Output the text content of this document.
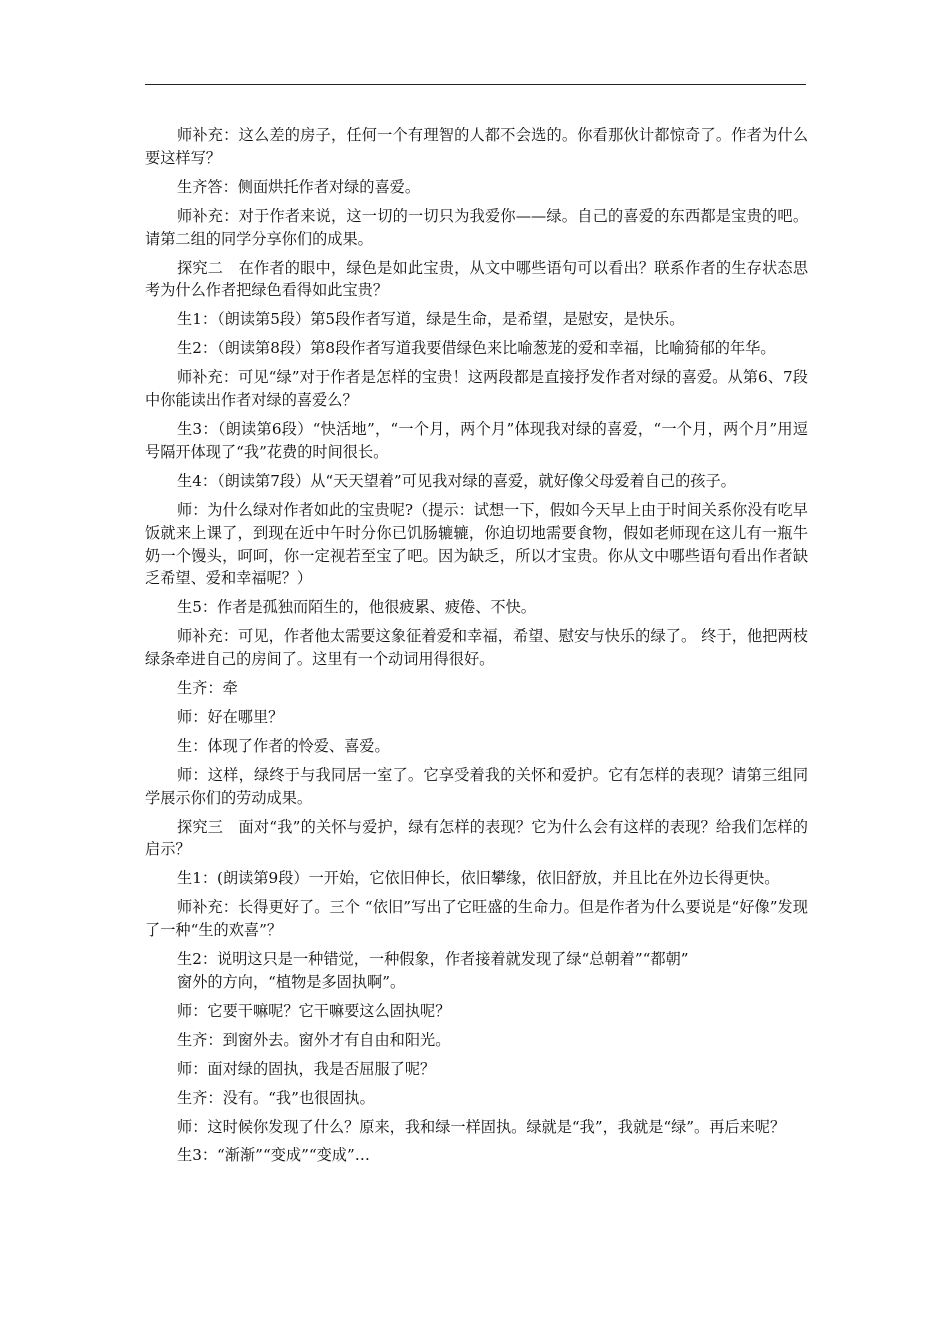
师补充：这么差的房子，任何一个有理智的人都不会选的。你看那伙计都惊奇了。作者为什么要这样写？

生齐答：侧面烘托作者对绿的喜爱。

师补充：对于作者来说，这一切的一切只为我爱你——绿。自己的喜爱的东西都是宝贵的吧。请第二组的同学分享你们的成果。

探究二　在作者的眼中，绿色是如此宝贵，从文中哪些语句可以看出？联系作者的生存状态思考为什么作者把绿色看得如此宝贵？

生1：（朗读第5段）第5段作者写道，绿是生命，是希望，是慰安，是快乐。

生2：（朗读第8段）第8段作者写道我要借绿色来比喻葱茏的爱和幸福，比喻猗郁的年华。

师补充：可见“绿”对于作者是怎样的宝贵！这两段都是直接抒发作者对绿的喜爱。从第6、7段中你能读出作者对绿的喜爱么？

生3：（朗读第6段）“快活地”，“一个月，两个月”体现我对绿的喜爱，“一个月，两个月”用逗号隔开体现了“我”花费的时间很长。

生4：（朗读第7段）从“天天望着”可见我对绿的喜爱，就好像父母爱着自己的孩子。

师：为什么绿对作者如此的宝贵呢?（提示：试想一下，假如今天早上由于时间关系你没有吃早饭就来上课了，到现在近中午时分你已饥肠辘辘，你迫切地需要食物，假如老师现在这儿有一瓶牛奶一个馒头，呵呵，你一定视若至宝了吧。因为缺乏，所以才宝贵。你从文中哪些语句看出作者缺乏希望、爱和幸福呢？）

生5：作者是孤独而陌生的，他很疲累、疲倦、不快。

师补充：可见，作者他太需要这象征着爱和幸福，希望、慰安与快乐的绿了。 终于，他把两枝绿条牵进自己的房间了。这里有一个动词用得很好。

生齐：牵

师：好在哪里？

生：体现了作者的怜爱、喜爱。

师：这样，绿终于与我同居一室了。它享受着我的关怀和爱护。它有怎样的表现？请第三组同学展示你们的劳动成果。

探究三　面对“我”的关怀与爱护，绿有怎样的表现？它为什么会有这样的表现？给我们怎样的启示？

生1：(朗读第9段）一开始，它依旧伸长，依旧攀缘，依旧舒放，并且比在外边长得更快。

师补充：长得更好了。三个 “依旧”写出了它旺盛的生命力。但是作者为什么要说是“好像”发现了一种“生的欢喜”？

生2：说明这只是一种错觉，一种假象，作者接着就发现了绿“总朝着”“都朝”
窗外的方向，“植物是多固执啊”。

师：它要干嘛呢？它干嘛要这么固执呢？

生齐：到窗外去。窗外才有自由和阳光。

师：面对绿的固执，我是否屈服了呢？

生齐：没有。“我”也很固执。

师：这时候你发现了什么？原来，我和绿一样固执。绿就是“我”，我就是“绿”。再后来呢？

生3：“渐渐”“变成”“变成”…
